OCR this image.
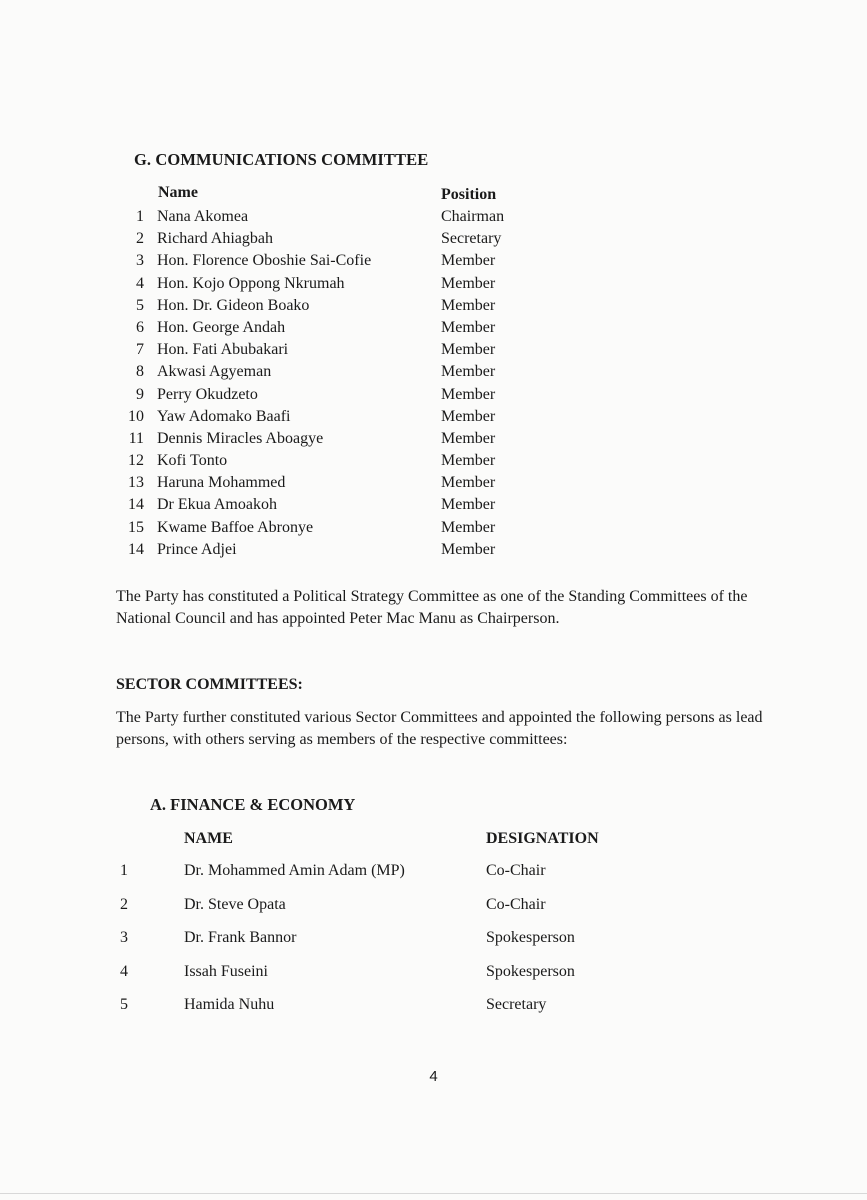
G. COMMUNICATIONS COMMITTEE
Name	Position
1 Nana Akomea	Chairman
2 Richard Ahiagbah	Secretary
3 Hon. Florence Oboshie Sai-Cofie	Member
4 Hon. Kojo Oppong Nkrumah	Member
5 Hon. Dr. Gideon Boako	Member
6 Hon. George Andah	Member
7 Hon. Fati Abubakari	Member
8 Akwasi Agyeman	Member
9 Perry Okudzeto	Member
10 Yaw Adomako Baafi	Member
11 Dennis Miracles Aboagye	Member
12 Kofi Tonto	Member
13 Haruna Mohammed	Member
14 Dr Ekua Amoakoh	Member
15 Kwame Baffoe Abronye	Member
14 Prince Adjei	Member

The Party has constituted a Political Strategy Committee as one of the Standing Committees of the National Council and has appointed Peter Mac Manu as Chairperson.

SECTOR COMMITTEES:

The Party further constituted various Sector Committees and appointed the following persons as lead persons, with others serving as members of the respective committees:

A. FINANCE & ECONOMY
NAME	DESIGNATION
1	Dr. Mohammed Amin Adam (MP)	Co-Chair
2	Dr. Steve Opata	Co-Chair
3	Dr. Frank Bannor	Spokesperson
4	Issah Fuseini	Spokesperson
5	Hamida Nuhu	Secretary
4
